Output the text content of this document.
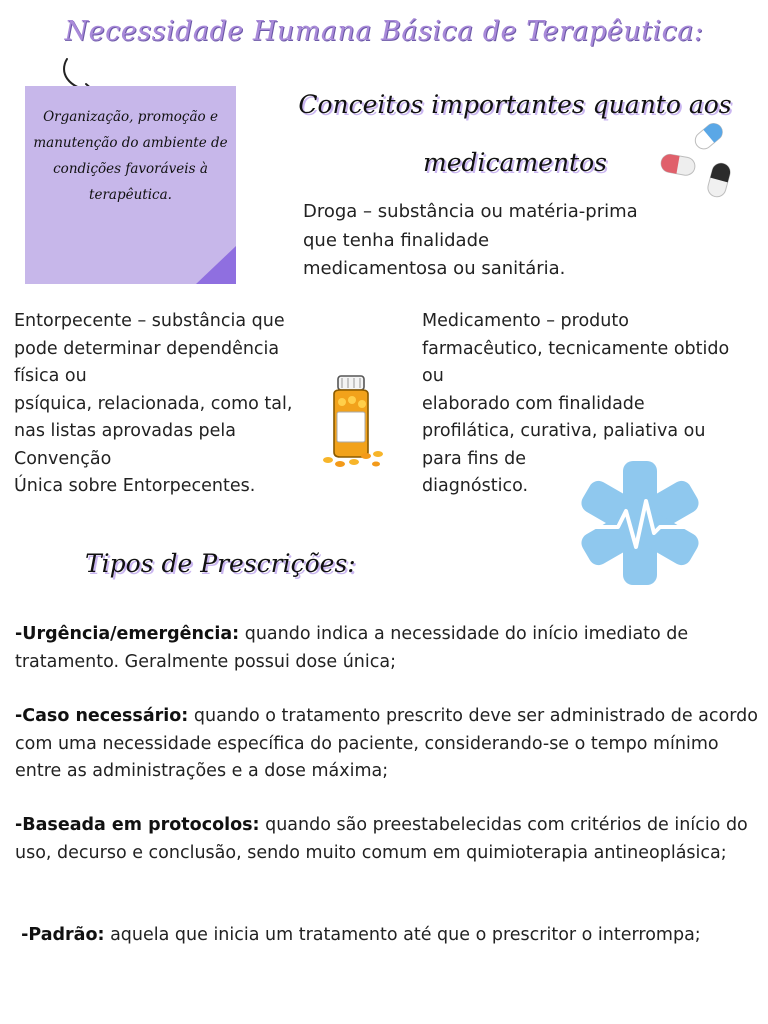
Necessidade Humana Básica de Terapêutica:
Organização, promoção e manutenção do ambiente de condições favoráveis à terapêutica.
Conceitos importantes quanto aos
medicamentos
Droga – substância ou matéria-prima
que tenha finalidade
medicamentosa ou sanitária.
Entorpecente – substância que
pode determinar dependência
física ou
psíquica, relacionada, como tal,
nas listas aprovadas pela
Convenção
Única sobre Entorpecentes.
Medicamento – produto
farmacêutico, tecnicamente obtido
ou
elaborado com finalidade
profilática, curativa, paliativa ou
para fins de
diagnóstico.
Tipos de Prescrições:
-Urgência/emergência: quando indica a necessidade do início imediato de tratamento. Geralmente possui dose única;
-Caso necessário: quando o tratamento prescrito deve ser administrado de acordo com uma necessidade específica do paciente, considerando-se o tempo mínimo entre as administrações e a dose máxima;
-Baseada em protocolos: quando são preestabelecidas com critérios de início do uso, decurso e conclusão, sendo muito comum em quimioterapia antineoplásica;
-Padrão: aquela que inicia um tratamento até que o prescritor o interrompa;
